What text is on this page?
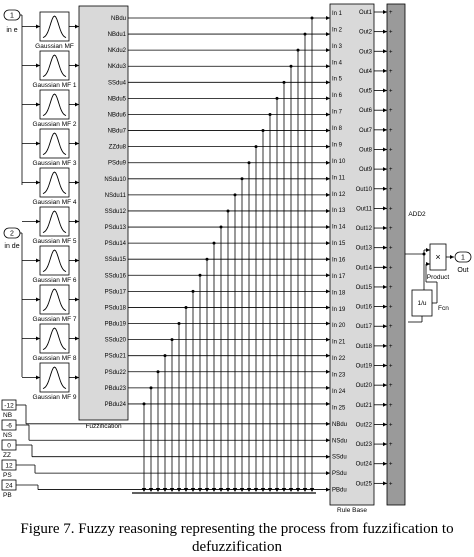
1
in e
2
in de
Gaussian MF
Gaussian MF 1
Gaussian MF 2
Gaussian MF 3
Gaussian MF 4
Gaussian MF 5
Gaussian MF 6
Gaussian MF 7
Gaussian MF 8
Gaussian MF 9
Fuzzification
Rule Base
In 1
In 2
In 3
In 4
In 5
In 6
In 7
In 8
In 9
In 10
In 11
In 12
In 13
In 14
In 15
In 16
In 17
In 18
In 19
In 20
In 21
In 22
In 23
In 24
In 25
NBdu
NSdu
SSdu
PSdu
PBdu
NBdu
NBdu1
NKdu2
NKdu3
SSdu4
NBdu5
NBdu6
NBdu7
ZZdu8
PSdu9
NSdu10
NSdu11
SSdu12
PSdu13
PSdu14
SSdu15
SSdu16
PSdu17
PSdu18
PBdu19
SSdu20
PSdu21
PSdu22
PBdu23
PBdu24
-12
NB
-6
NS
0
ZZ
12
PS
24
PB
ADD2
Out1	+
Out2	+
Out3	+
Out4	+
Out5	+
Out6	+
Out7	+
Out8	+
Out9	+
Out10	+
Out11	+
Out12	+
Out13	+
Out14	+
Out15	+
Out16	+
Out17	+
Out18	+
Out19	+
Out20	+
Out21	+
Out22	+
Out23	+
Out24	+
Out25	+
1/u
Fcn
×
Product
1
Out
Figure 7. Fuzzy reasoning representing the process from fuzzification to
defuzzification
